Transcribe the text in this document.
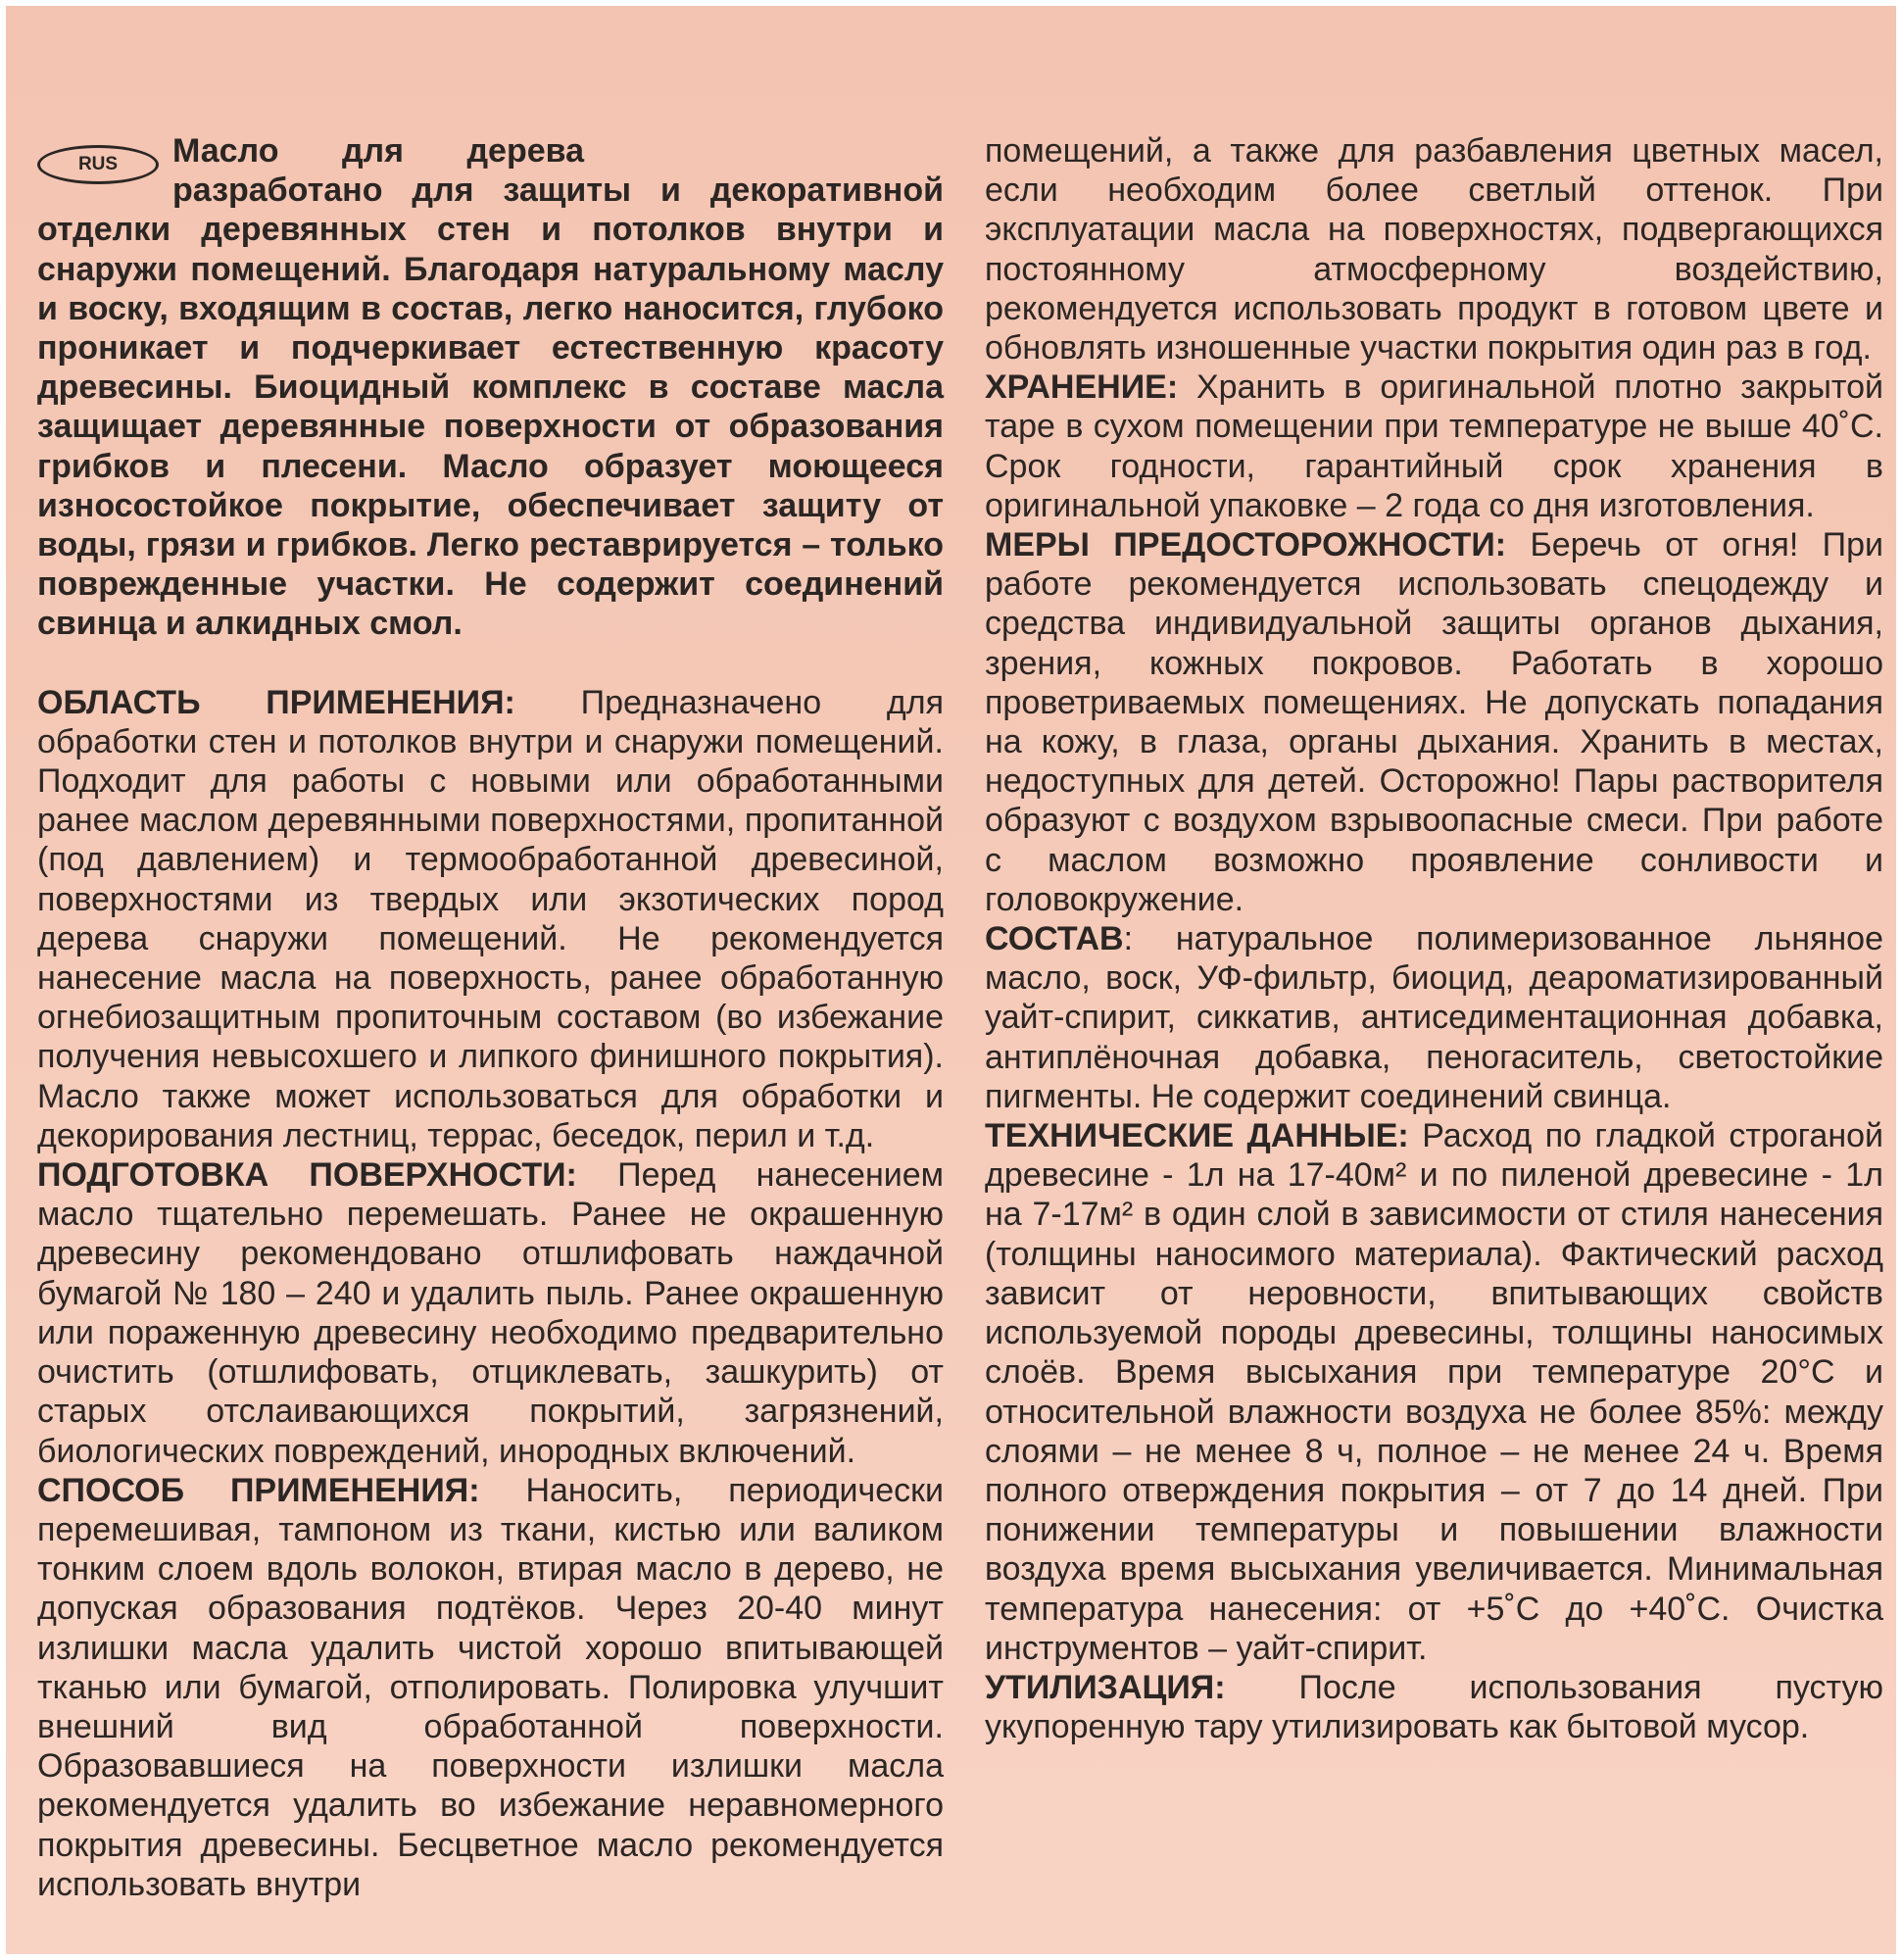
RUS	Масло для дерева

разработано для защиты и декоративной отделки деревянных стен и потолков внутри и снаружи помещений. Благодаря натуральному маслу и воску, входящим в состав, легко наносится, глубоко проникает и подчеркивает естественную красоту древесины. Биоцидный комплекс в составе масла защищает деревянные поверхности от образования грибков и плесени. Масло образует моющееся износостойкое покрытие, обеспечивает защиту от воды, грязи и грибков. Легко реставрируется – только поврежденные участки. Не содержит соединений свинца и алкидных смол.

ОБЛАСТЬ ПРИМЕНЕНИЯ: Предназначено для обработки стен и потолков внутри и снаружи помещений. Подходит для работы с новыми или обработанными ранее маслом деревянными поверхностями, пропитанной (под давлением) и термообработанной древесиной, поверхностями из твердых или экзотических пород дерева снаружи помещений. Не рекомендуется нанесение масла на поверхность, ранее обработанную огнебиозащитным пропиточным составом (во избежание получения невысохшего и липкого финишного покрытия). Масло также может использоваться для обработки и декорирования лестниц, террас, беседок, перил и т.д.

ПОДГОТОВКА ПОВЕРХНОСТИ: Перед нанесением масло тщательно перемешать. Ранее не окрашенную древесину рекомендовано отшлифовать наждачной бумагой № 180 – 240 и удалить пыль. Ранее окрашенную или пораженную древесину необходимо предварительно очистить (отшлифовать, отциклевать, зашкурить) от старых отслаивающихся покрытий, загрязнений, биологических повреждений, инородных включений.

СПОСОБ ПРИМЕНЕНИЯ: Наносить, периодически перемешивая, тампоном из ткани, кистью или валиком тонким слоем вдоль волокон, втирая масло в дерево, не допуская образования подтёков. Через 20-40 минут излишки масла удалить чистой хорошо впитывающей тканью или бумагой, отполировать. Полировка улучшит внешний вид обработанной поверхности. Образовавшиеся на поверхности излишки масла рекомендуется удалить во избежание неравномерного покрытия древесины. Бесцветное масло рекомендуется использовать внутри

помещений, а также для разбавления цветных масел, если необходим более светлый оттенок. При эксплуатации масла на поверхностях, подвергающихся постоянному атмосферному воздействию, рекомендуется использовать продукт в готовом цвете и обновлять изношенные участки покрытия один раз в год.

ХРАНЕНИЕ: Хранить в оригинальной плотно закрытой таре в сухом помещении при температуре не выше 40˚С. Срок годности, гарантийный срок хранения в оригинальной упаковке – 2 года со дня изготовления.

МЕРЫ ПРЕДОСТОРОЖНОСТИ: Беречь от огня! При работе рекомендуется использовать спецодежду и средства индивидуальной защиты органов дыхания, зрения, кожных покровов. Работать в хорошо проветриваемых помещениях. Не допускать попадания на кожу, в глаза, органы дыхания. Хранить в местах, недоступных для детей. Осторожно! Пары растворителя образуют с воздухом взрывоопасные смеси. При работе с маслом возможно проявление сонливости и головокружение.

СОСТАВ: натуральное полимеризованное льняное масло, воск, УФ-фильтр, биоцид, деароматизированный уайт-спирит, сиккатив, антиседиментационная добавка, антиплёночная добавка, пеногаситель, светостойкие пигменты. Не содержит соединений свинца.

ТЕХНИЧЕСКИЕ ДАННЫЕ: Расход по гладкой строганой древесине - 1л на 17-40м² и по пиленой древесине - 1л на 7-17м² в один слой в зависимости от стиля нанесения (толщины наносимого материала). Фактический расход зависит от неровности, впитывающих свойств используемой породы древесины, толщины наносимых слоёв. Время высыхания при температуре 20°С и относительной влажности воздуха не более 85%: между слоями – не менее 8 ч, полное – не менее 24 ч. Время полного отверждения покрытия – от 7 до 14 дней. При понижении температуры и повышении влажности воздуха время высыхания увеличивается. Минимальная температура нанесения: от +5˚С до +40˚С. Очистка инструментов – уайт-спирит.

УТИЛИЗАЦИЯ: После использования пустую укупоренную тару утилизировать как бытовой мусор.
